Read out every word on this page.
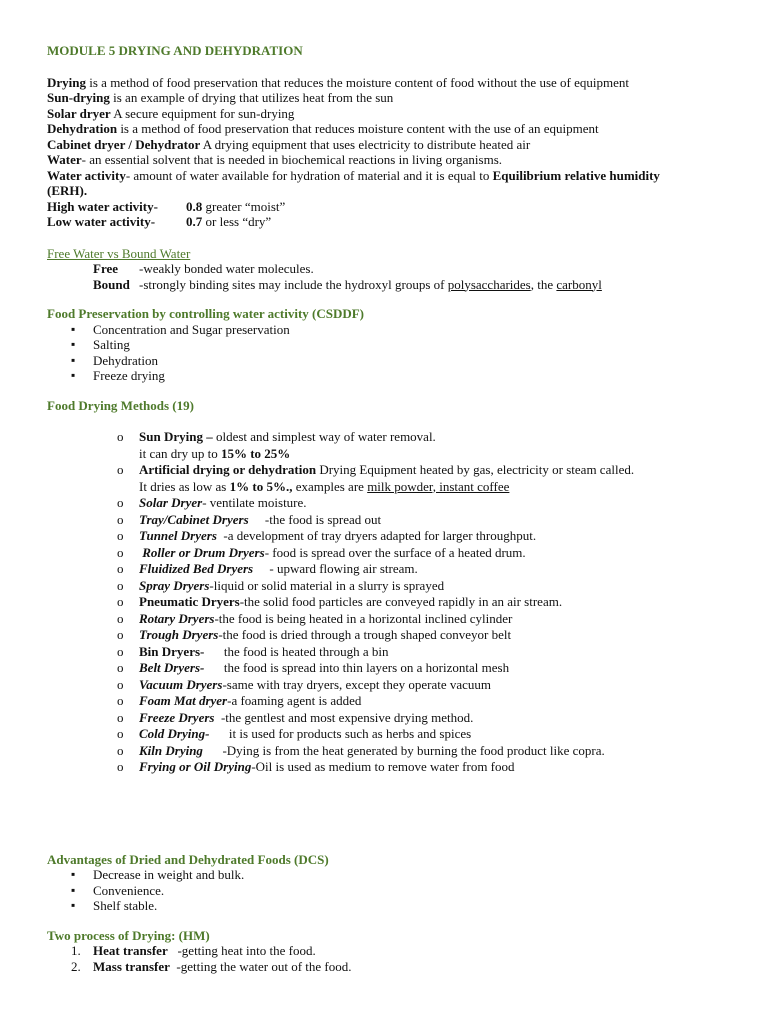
MODULE 5 DRYING AND DEHYDRATION
Drying is a method of food preservation that reduces the moisture content of food without the use of equipment
Sun-drying is an example of drying that utilizes heat from the sun
Solar dryer A secure equipment for sun-drying
Dehydration is a method of food preservation that reduces moisture content with the use of an equipment
Cabinet dryer / Dehydrator A drying equipment that uses electricity to distribute heated air
Water- an essential solvent that is needed in biochemical reactions in living organisms.
Water activity- amount of water available for hydration of material and it is equal to Equilibrium relative humidity
(ERH).
High water activity- 0.8 greater “moist”
Low water activity- 0.7 or less “dry”
Free Water vs Bound Water
Free -weakly bonded water molecules.
Bound -strongly binding sites may include the hydroxyl groups of polysaccharides, the carbonyl
Food Preservation by controlling water activity (CSDDF)
▪ Concentration and Sugar preservation
▪ Salting
▪ Dehydration
▪ Freeze drying
Food Drying Methods (19)
o Sun Drying – oldest and simplest way of water removal.
it can dry up to 15% to 25%
o Artificial drying or dehydration Drying Equipment heated by gas, electricity or steam called.
It dries as low as 1% to 5%., examples are milk powder, instant coffee
o Solar Dryer- ventilate moisture.
o Tray/Cabinet Dryers     -the food is spread out
o Tunnel Dryers  -a development of tray dryers adapted for larger throughput.
o Roller or Drum Dryers- food is spread over the surface of a heated drum.
o Fluidized Bed Dryers     - upward flowing air stream.
o Spray Dryers-liquid or solid material in a slurry is sprayed
o Pneumatic Dryers-the solid food particles are conveyed rapidly in an air stream.
o Rotary Dryers-the food is being heated in a horizontal inclined cylinder
o Trough Dryers-the food is dried through a trough shaped conveyor belt
o Bin Dryers-      the food is heated through a bin
o Belt Dryers-      the food is spread into thin layers on a horizontal mesh
o Vacuum Dryers-same with tray dryers, except they operate vacuum
o Foam Mat dryer-a foaming agent is added
o Freeze Dryers  -the gentlest and most expensive drying method.
o Cold Drying-      it is used for products such as herbs and spices
o Kiln Drying      -Dying is from the heat generated by burning the food product like copra.
o Frying or Oil Drying-Oil is used as medium to remove water from food
Advantages of Dried and Dehydrated Foods (DCS)
▪ Decrease in weight and bulk.
▪ Convenience.
▪ Shelf stable.
Two process of Drying: (HM)
1. Heat transfer   -getting heat into the food.
2. Mass transfer  -getting the water out of the food.
